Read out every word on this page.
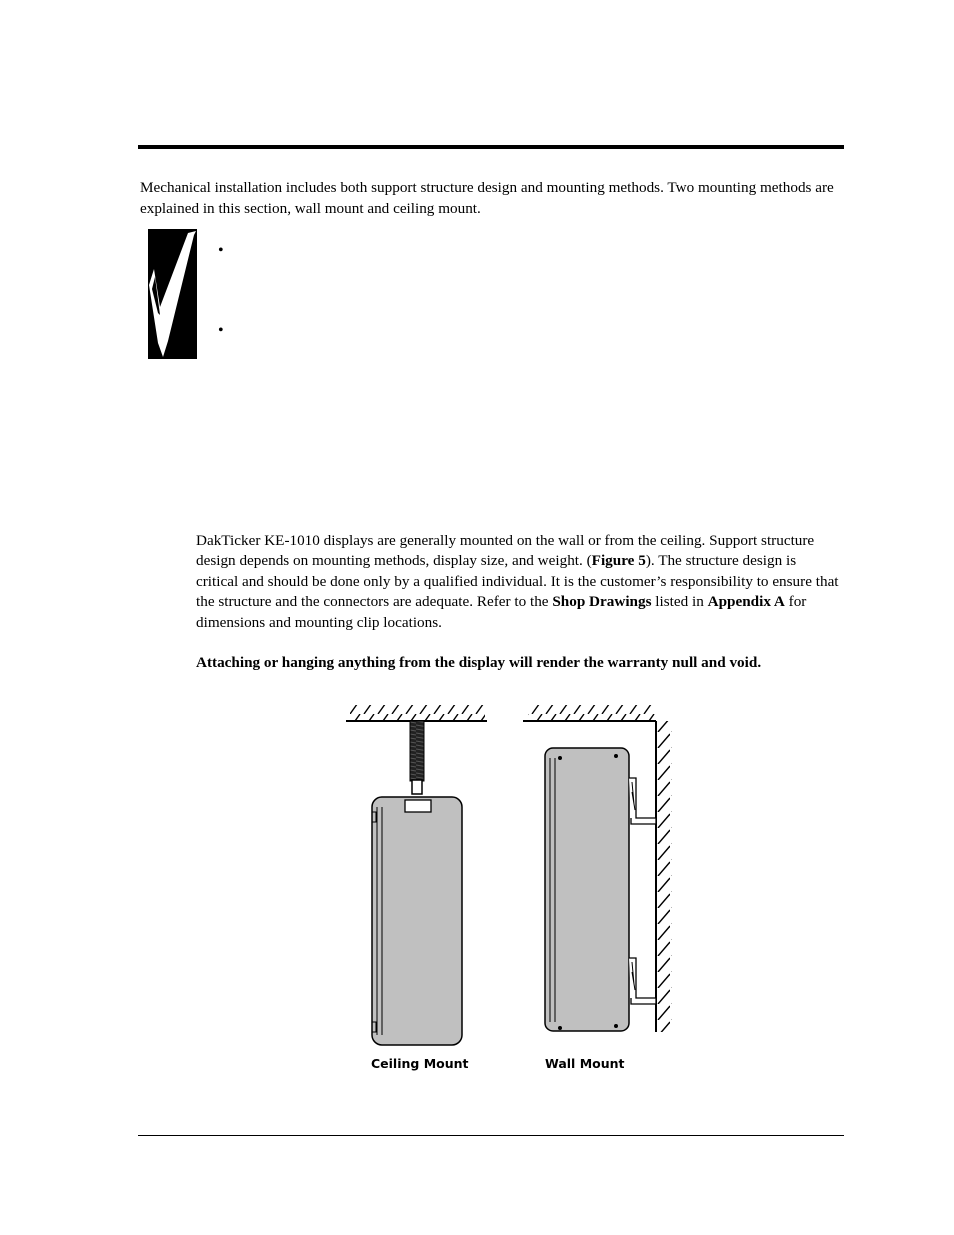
Mechanical installation includes both support structure design and mounting methods. Two mounting methods are explained in this section, wall mount and ceiling mount.

•
•

DakTicker KE-1010 displays are generally mounted on the wall or from the ceiling. Support structure design depends on mounting methods, display size, and weight. (Figure 5). The structure design is critical and should be done only by a qualified individual. It is the customer’s responsibility to ensure that the structure and the connectors are adequate. Refer to the Shop Drawings listed in Appendix A for dimensions and mounting clip locations.

Attaching or hanging anything from the display will render the warranty null and void.

Ceiling Mount	Wall Mount
